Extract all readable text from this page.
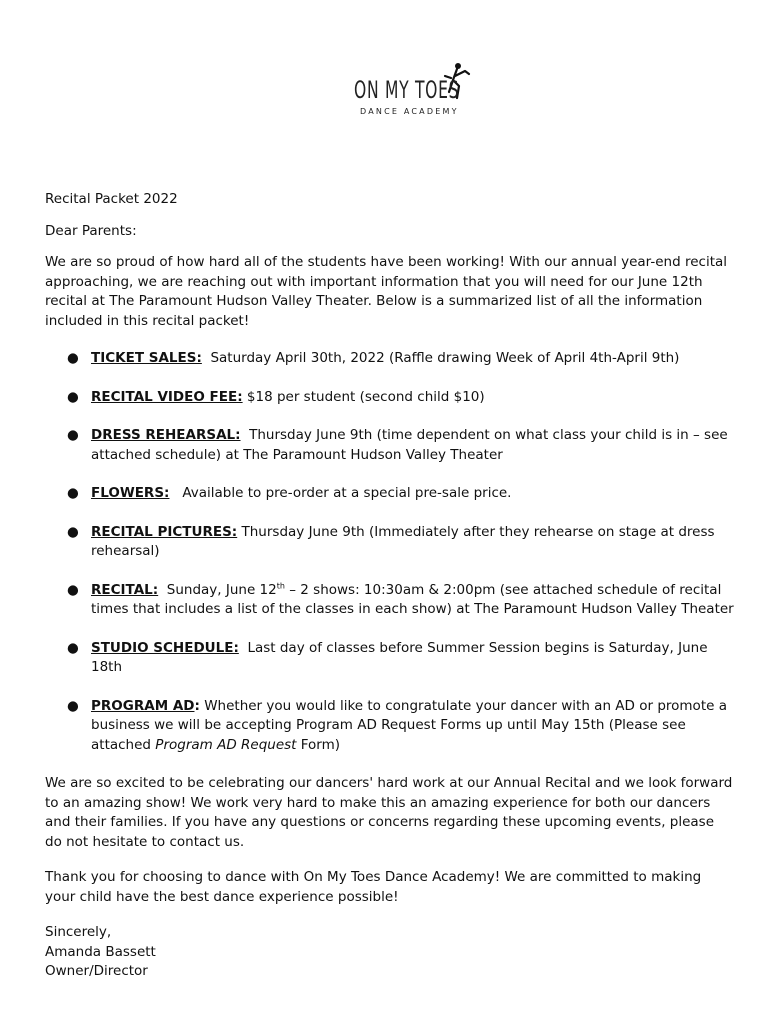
ON MY TOES
DANCE ACADEMY

Recital Packet 2022

Dear Parents:

We are so proud of how hard all of the students have been working! With our annual year-end recital approaching, we are reaching out with important information that you will need for our June 12th recital at The Paramount Hudson Valley Theater. Below is a summarized list of all the information included in this recital packet!

● TICKET SALES: Saturday April 30th, 2022 (Raffle drawing Week of April 4th-April 9th)
● RECITAL VIDEO FEE: $18 per student (second child $10)
● DRESS REHEARSAL: Thursday June 9th (time dependent on what class your child is in – see attached schedule) at The Paramount Hudson Valley Theater
● FLOWERS: Available to pre-order at a special pre-sale price.
● RECITAL PICTURES: Thursday June 9th (Immediately after they rehearse on stage at dress rehearsal)
● RECITAL: Sunday, June 12th – 2 shows: 10:30am & 2:00pm (see attached schedule of recital times that includes a list of the classes in each show) at The Paramount Hudson Valley Theater
● STUDIO SCHEDULE: Last day of classes before Summer Session begins is Saturday, June 18th
● PROGRAM AD: Whether you would like to congratulate your dancer with an AD or promote a business we will be accepting Program AD Request Forms up until May 15th (Please see attached Program AD Request Form)

We are so excited to be celebrating our dancers' hard work at our Annual Recital and we look forward to an amazing show! We work very hard to make this an amazing experience for both our dancers and their families. If you have any questions or concerns regarding these upcoming events, please do not hesitate to contact us.

Thank you for choosing to dance with On My Toes Dance Academy! We are committed to making your child have the best dance experience possible!

Sincerely,
Amanda Bassett
Owner/Director
